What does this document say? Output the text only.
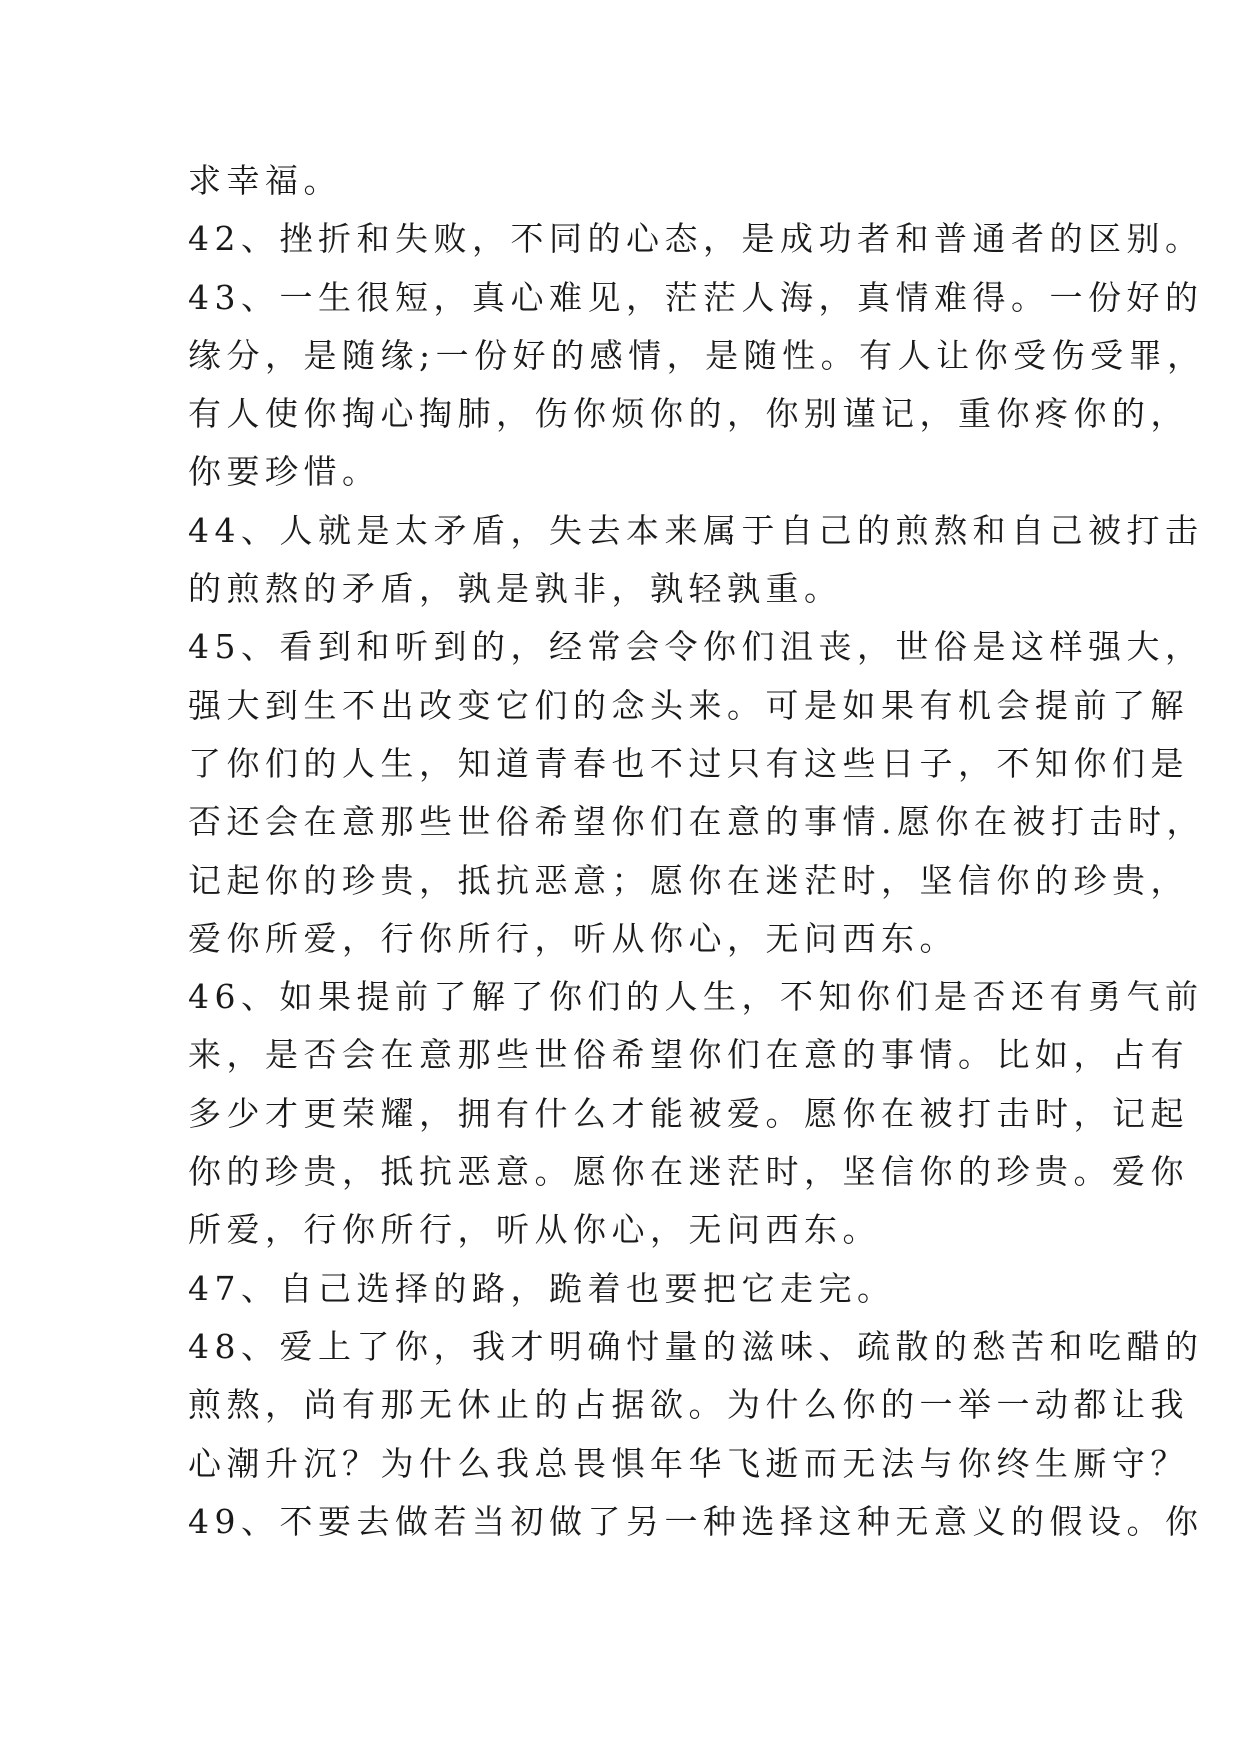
求幸福。
42、挫折和失败，不同的心态，是成功者和普通者的区别。
43、一生很短，真心难见，茫茫人海，真情难得。一份好的
缘分，是随缘;一份好的感情，是随性。有人让你受伤受罪，
有人使你掏心掏肺，伤你烦你的，你别谨记，重你疼你的，
你要珍惜。
44、人就是太矛盾，失去本来属于自己的煎熬和自己被打击
的煎熬的矛盾，孰是孰非，孰轻孰重。
45、看到和听到的，经常会令你们沮丧，世俗是这样强大，
强大到生不出改变它们的念头来。可是如果有机会提前了解
了你们的人生，知道青春也不过只有这些日子，不知你们是
否还会在意那些世俗希望你们在意的事情.愿你在被打击时，
记起你的珍贵，抵抗恶意；愿你在迷茫时，坚信你的珍贵，
爱你所爱，行你所行，听从你心，无问西东。
46、如果提前了解了你们的人生，不知你们是否还有勇气前
来，是否会在意那些世俗希望你们在意的事情。比如，占有
多少才更荣耀，拥有什么才能被爱。愿你在被打击时，记起
你的珍贵，抵抗恶意。愿你在迷茫时，坚信你的珍贵。爱你
所爱，行你所行，听从你心，无问西东。
47、自己选择的路，跪着也要把它走完。
48、爱上了你，我才明确忖量的滋味、疏散的愁苦和吃醋的
煎熬，尚有那无休止的占据欲。为什么你的一举一动都让我
心潮升沉？为什么我总畏惧年华飞逝而无法与你终生厮守？
49、不要去做若当初做了另一种选择这种无意义的假设。你
